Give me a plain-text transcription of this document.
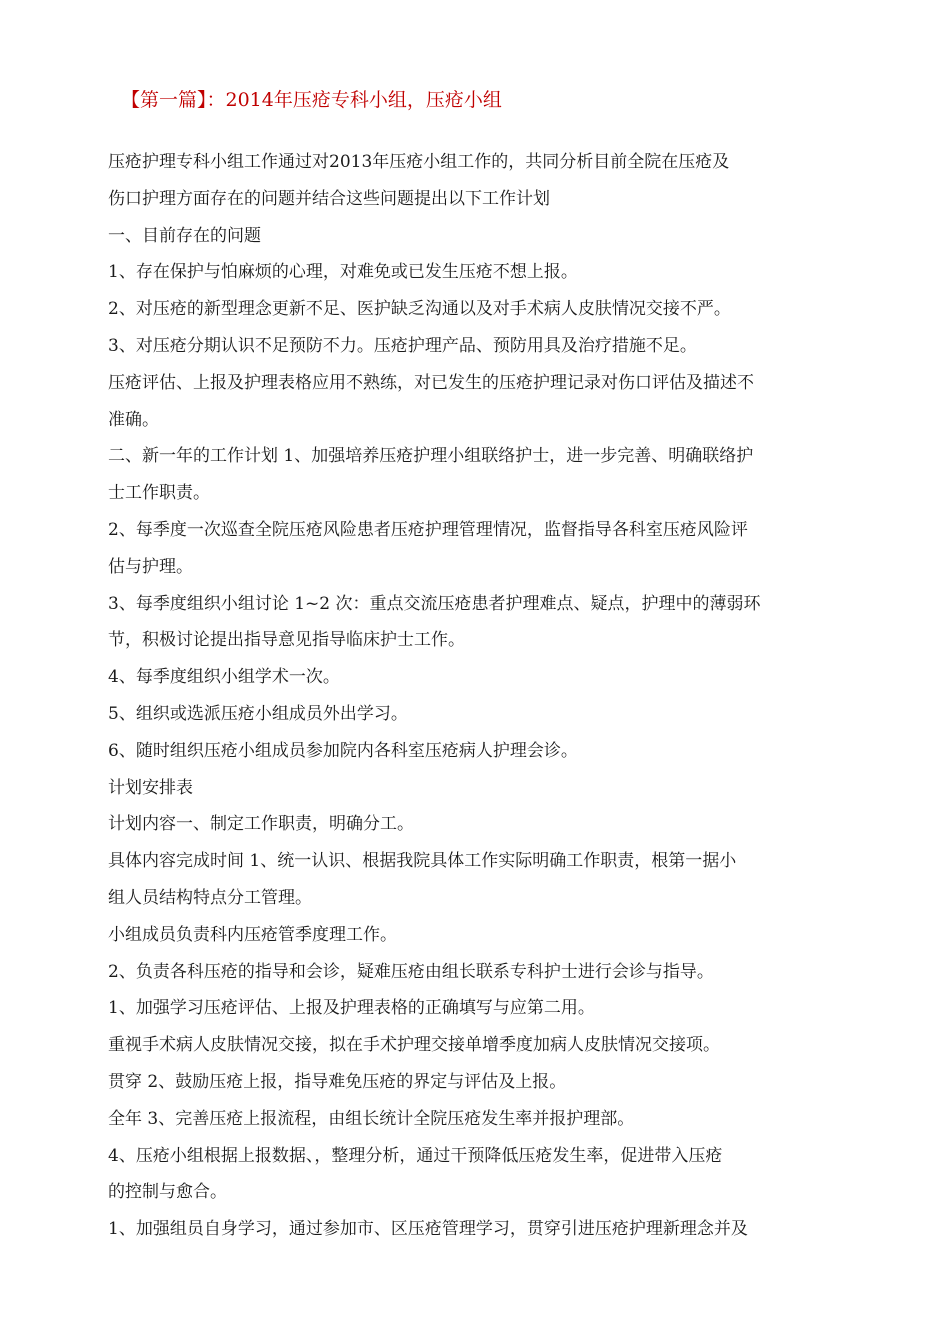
【第一篇】：2014年压疮专科小组，压疮小组
压疮护理专科小组工作通过对2013年压疮小组工作的，共同分析目前全院在压疮及
伤口护理方面存在的问题并结合这些问题提出以下工作计划
一、目前存在的问题
1、存在保护与怕麻烦的心理，对难免或已发生压疮不想上报。
2、对压疮的新型理念更新不足、医护缺乏沟通以及对手术病人皮肤情况交接不严。
3、对压疮分期认识不足预防不力。压疮护理产品、预防用具及治疗措施不足。
压疮评估、上报及护理表格应用不熟练，对已发生的压疮护理记录对伤口评估及描述不
准确。
二、新一年的工作计划 1、加强培养压疮护理小组联络护士，进一步完善、明确联络护
士工作职责。
2、每季度一次巡查全院压疮风险患者压疮护理管理情况，监督指导各科室压疮风险评
估与护理。
3、每季度组织小组讨论 1~2 次：重点交流压疮患者护理难点、疑点，护理中的薄弱环
节，积极讨论提出指导意见指导临床护士工作。
4、每季度组织小组学术一次。
5、组织或选派压疮小组成员外出学习。
6、随时组织压疮小组成员参加院内各科室压疮病人护理会诊。
计划安排表
计划内容一、制定工作职责，明确分工。
具体内容完成时间 1、统一认识、根据我院具体工作实际明确工作职责，根第一据小
组人员结构特点分工管理。
小组成员负责科内压疮管季度理工作。
2、负责各科压疮的指导和会诊，疑难压疮由组长联系专科护士进行会诊与指导。
1、加强学习压疮评估、上报及护理表格的正确填写与应第二用。
重视手术病人皮肤情况交接，拟在手术护理交接单增季度加病人皮肤情况交接项。
贯穿 2、鼓励压疮上报，指导难免压疮的界定与评估及上报。
全年 3、完善压疮上报流程，由组长统计全院压疮发生率并报护理部。
4、压疮小组根据上报数据、，整理分析，通过干预降低压疮发生率，促进带入压疮
的控制与愈合。
1、加强组员自身学习，通过参加市、区压疮管理学习，贯穿引进压疮护理新理念并及
